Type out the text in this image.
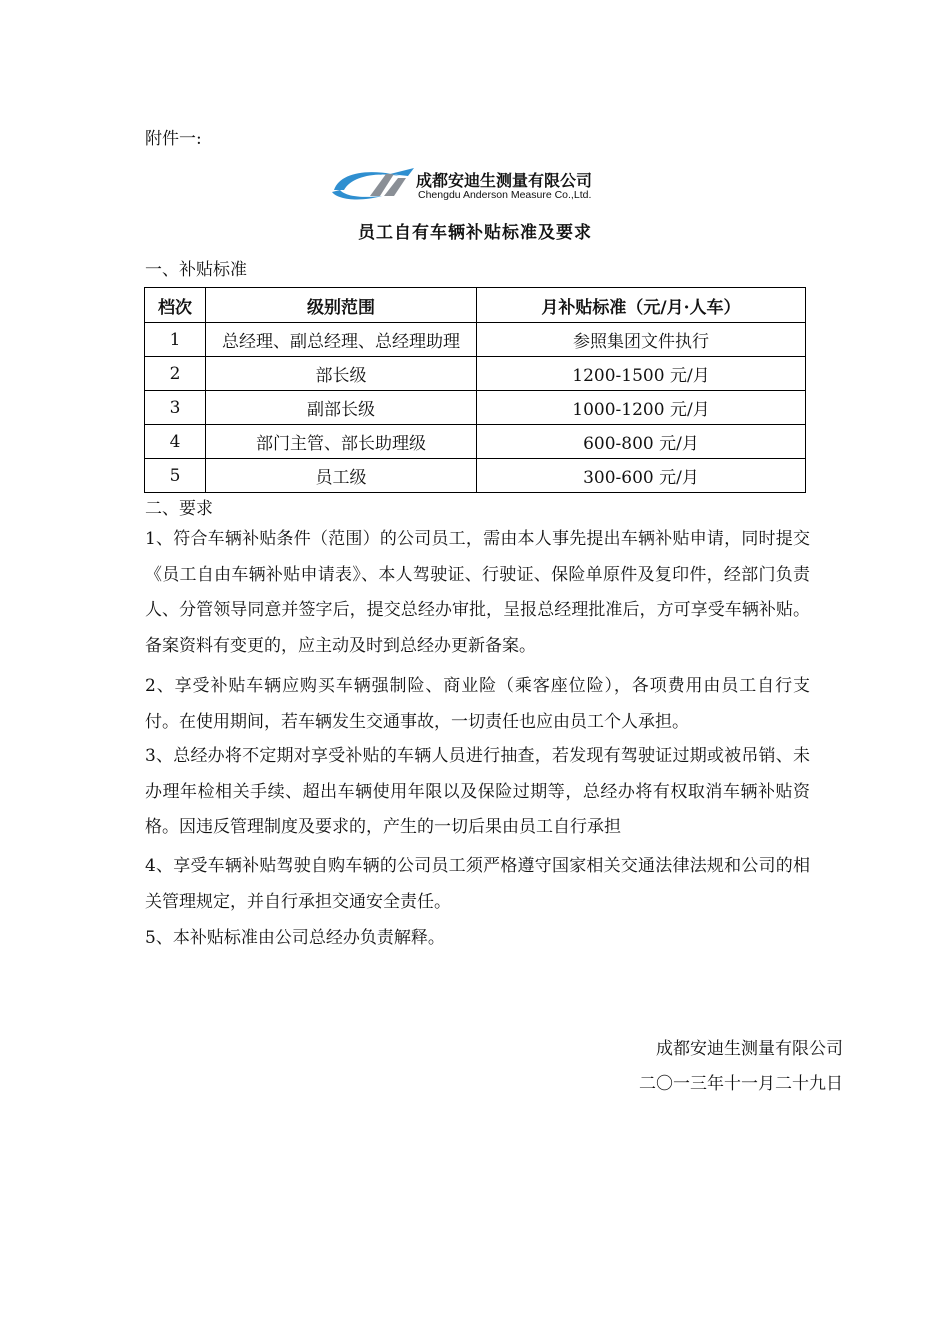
附件一:
成都安迪生测量有限公司
Chengdu Anderson Measure Co.,Ltd.
员工自有车辆补贴标准及要求
一、补贴标准
档次	级别范围	月补贴标准（元/月·人车）
1	总经理、副总经理、总经理助理	参照集团文件执行
2	部长级	1200-1500 元/月
3	副部长级	1000-1200 元/月
4	部门主管、部长助理级	600-800 元/月
5	员工级	300-600 元/月
二、要求
1、符合车辆补贴条件（范围）的公司员工，需由本人事先提出车辆补贴申请，同时提交《员工自由车辆补贴申请表》、本人驾驶证、行驶证、保险单原件及复印件，经部门负责人、分管领导同意并签字后，提交总经办审批，呈报总经理批准后，方可享受车辆补贴。备案资料有变更的，应主动及时到总经办更新备案。
2、享受补贴车辆应购买车辆强制险、商业险（乘客座位险），各项费用由员工自行支付。在使用期间，若车辆发生交通事故，一切责任也应由员工个人承担。
3、总经办将不定期对享受补贴的车辆人员进行抽查，若发现有驾驶证过期或被吊销、未办理年检相关手续、超出车辆使用年限以及保险过期等，总经办将有权取消车辆补贴资格。因违反管理制度及要求的，产生的一切后果由员工自行承担
4、享受车辆补贴驾驶自购车辆的公司员工须严格遵守国家相关交通法律法规和公司的相关管理规定，并自行承担交通安全责任。
5、本补贴标准由公司总经办负责解释。
成都安迪生测量有限公司
二〇一三年十一月二十九日
